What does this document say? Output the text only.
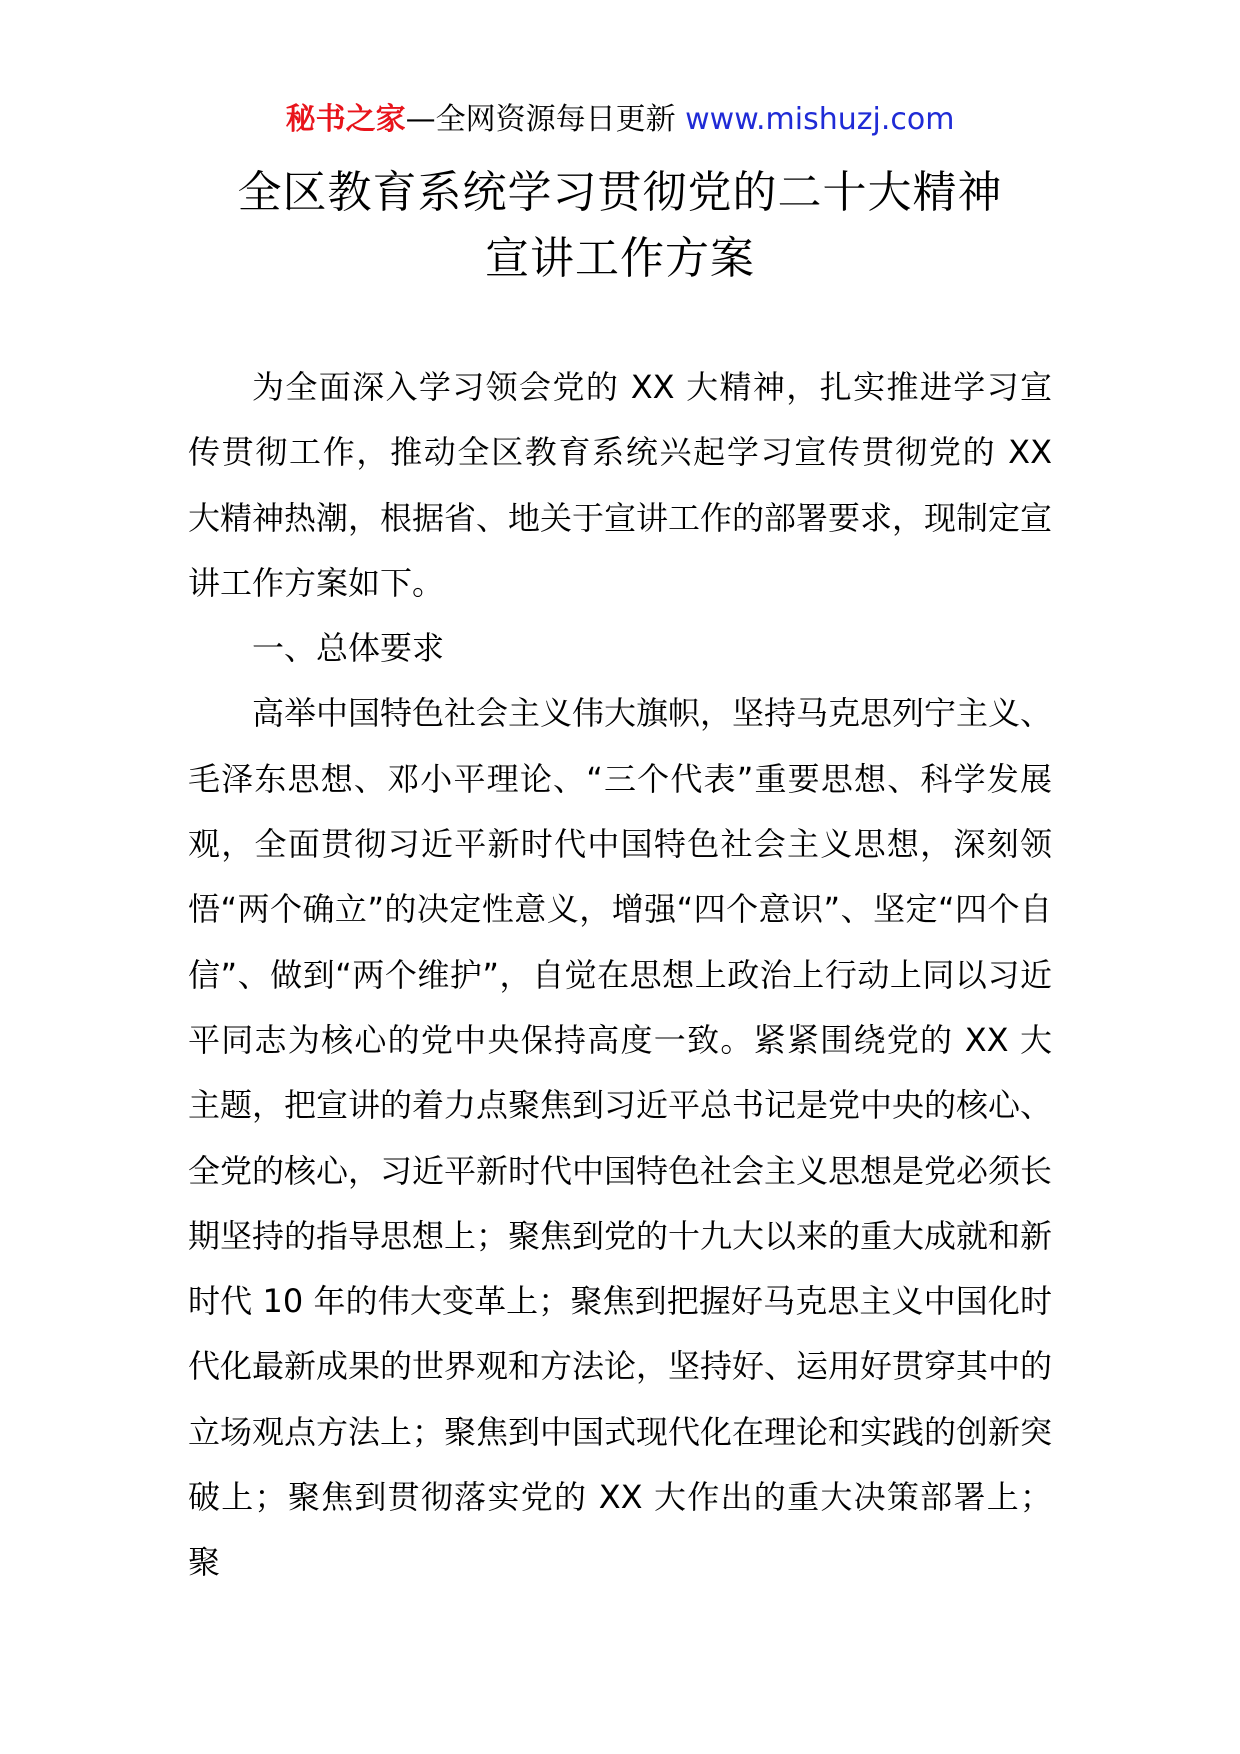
秘书之家—全网资源每日更新 www.mishuzj.com
全区教育系统学习贯彻党的二十大精神
宣讲工作方案

为全面深入学习领会党的 XX 大精神，扎实推进学习宣传贯彻工作，推动全区教育系统兴起学习宣传贯彻党的 XX 大精神热潮，根据省、地关于宣讲工作的部署要求，现制定宣讲工作方案如下。

一、总体要求

高举中国特色社会主义伟大旗帜，坚持马克思列宁主义、毛泽东思想、邓小平理论、“三个代表”重要思想、科学发展观，全面贯彻习近平新时代中国特色社会主义思想，深刻领悟“两个确立”的决定性意义，增强“四个意识”、坚定“四个自信”、做到“两个维护”，自觉在思想上政治上行动上同以习近平同志为核心的党中央保持高度一致。紧紧围绕党的 XX 大主题，把宣讲的着力点聚焦到习近平总书记是党中央的核心、全党的核心，习近平新时代中国特色社会主义思想是党必须长期坚持的指导思想上；聚焦到党的十九大以来的重大成就和新时代 10 年的伟大变革上；聚焦到把握好马克思主义中国化时代化最新成果的世界观和方法论，坚持好、运用好贯穿其中的立场观点方法上；聚焦到中国式现代化在理论和实践的创新突破上；聚焦到贯彻落实党的 XX 大作出的重大决策部署上；聚
